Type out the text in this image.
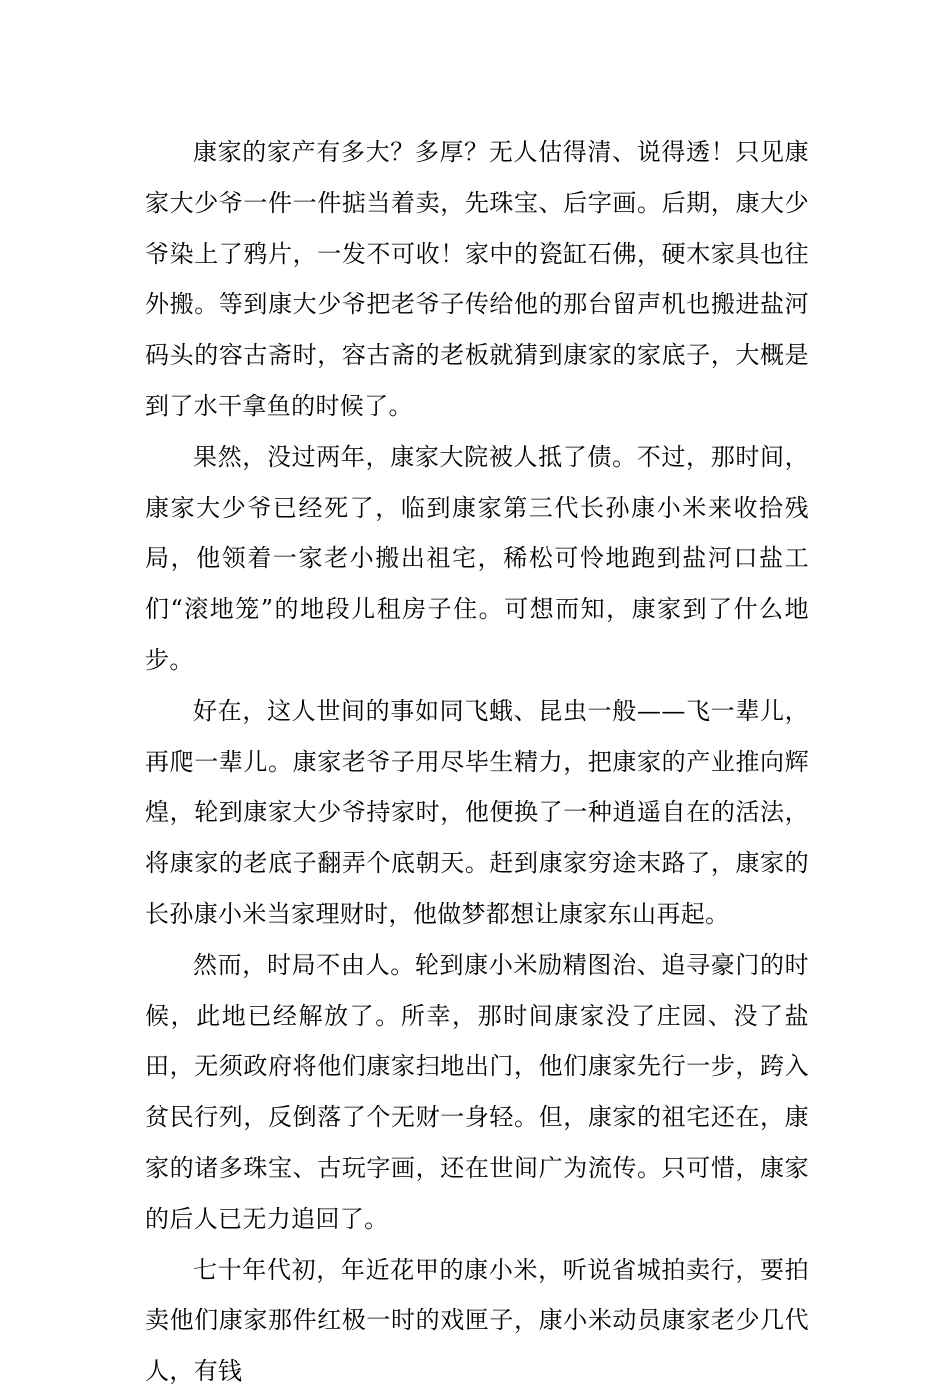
康家的家产有多大？多厚？无人估得清、说得透！只见康家大少爷一件一件掂当着卖，先珠宝、后字画。后期，康大少爷染上了鸦片，一发不可收！家中的瓷缸石佛，硬木家具也往外搬。等到康大少爷把老爷子传给他的那台留声机也搬进盐河码头的容古斋时，容古斋的老板就猜到康家的家底子，大概是到了水干拿鱼的时候了。

果然，没过两年，康家大院被人抵了债。不过，那时间，康家大少爷已经死了，临到康家第三代长孙康小米来收拾残局，他领着一家老小搬出祖宅，稀松可怜地跑到盐河口盐工们“滚地笼”的地段儿租房子住。可想而知，康家到了什么地步。

好在，这人世间的事如同飞蛾、昆虫一般——飞一辈儿，再爬一辈儿。康家老爷子用尽毕生精力，把康家的产业推向辉煌，轮到康家大少爷持家时，他便换了一种逍遥自在的活法，将康家的老底子翻弄个底朝天。赶到康家穷途末路了，康家的长孙康小米当家理财时，他做梦都想让康家东山再起。

然而，时局不由人。轮到康小米励精图治、追寻豪门的时候，此地已经解放了。所幸，那时间康家没了庄园、没了盐田，无须政府将他们康家扫地出门，他们康家先行一步，跨入贫民行列，反倒落了个无财一身轻。但，康家的祖宅还在，康家的诸多珠宝、古玩字画，还在世间广为流传。只可惜，康家的后人已无力追回了。

七十年代初，年近花甲的康小米，听说省城拍卖行，要拍卖他们康家那件红极一时的戏匣子，康小米动员康家老少几代人，有钱
